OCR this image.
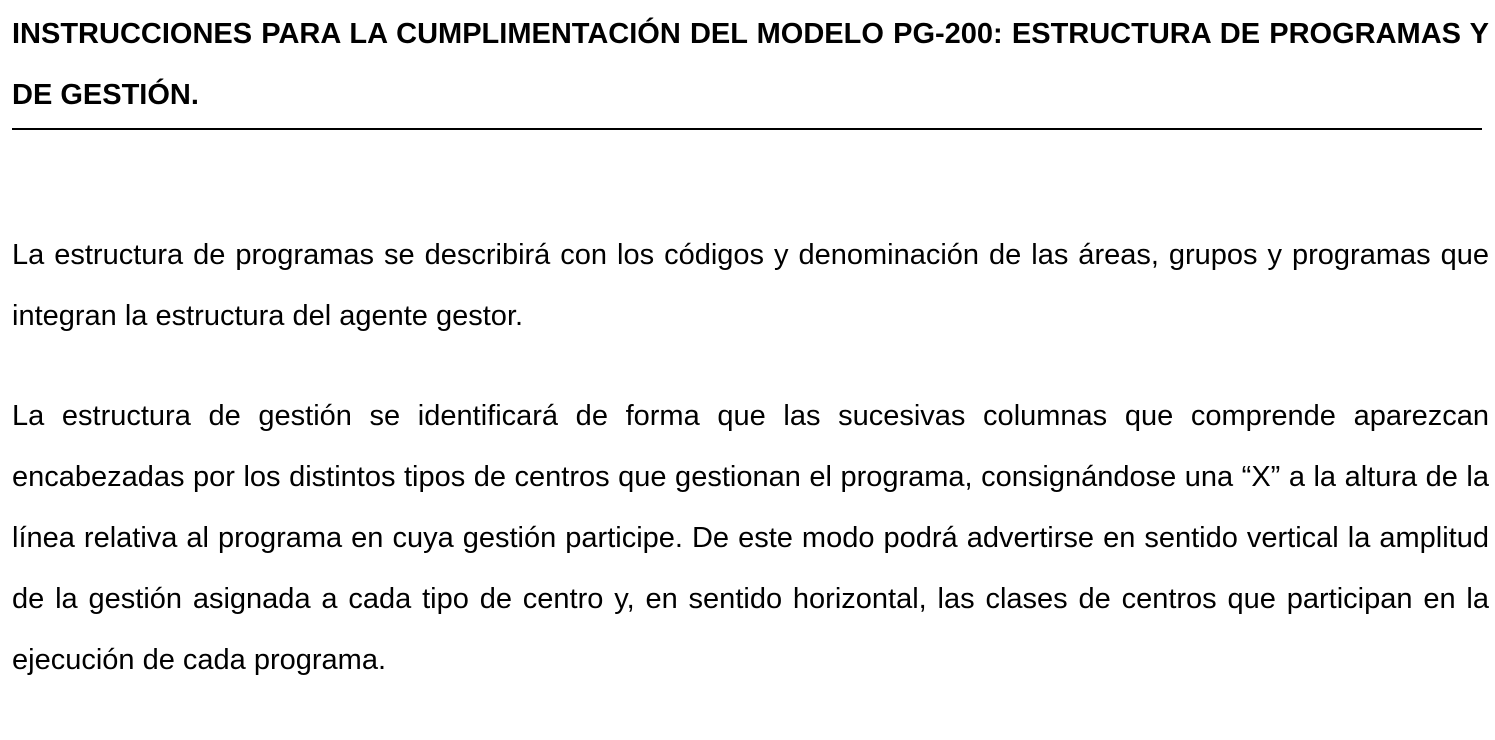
INSTRUCCIONES PARA LA CUMPLIMENTACIÓN DEL MODELO PG-200: ESTRUCTURA DE PROGRAMAS Y DE GESTIÓN.

La estructura de programas se describirá con los códigos y denominación de las áreas, grupos y programas que integran la estructura del agente gestor.

La estructura de gestión se identificará de forma que las sucesivas columnas que comprende aparezcan encabezadas por los distintos tipos de centros que gestionan el programa, consignándose una “X” a la altura de la línea relativa al programa en cuya gestión participe. De este modo podrá advertirse en sentido vertical la amplitud de la gestión asignada a cada tipo de centro y, en sentido horizontal, las clases de centros que participan en la ejecución de cada programa.
